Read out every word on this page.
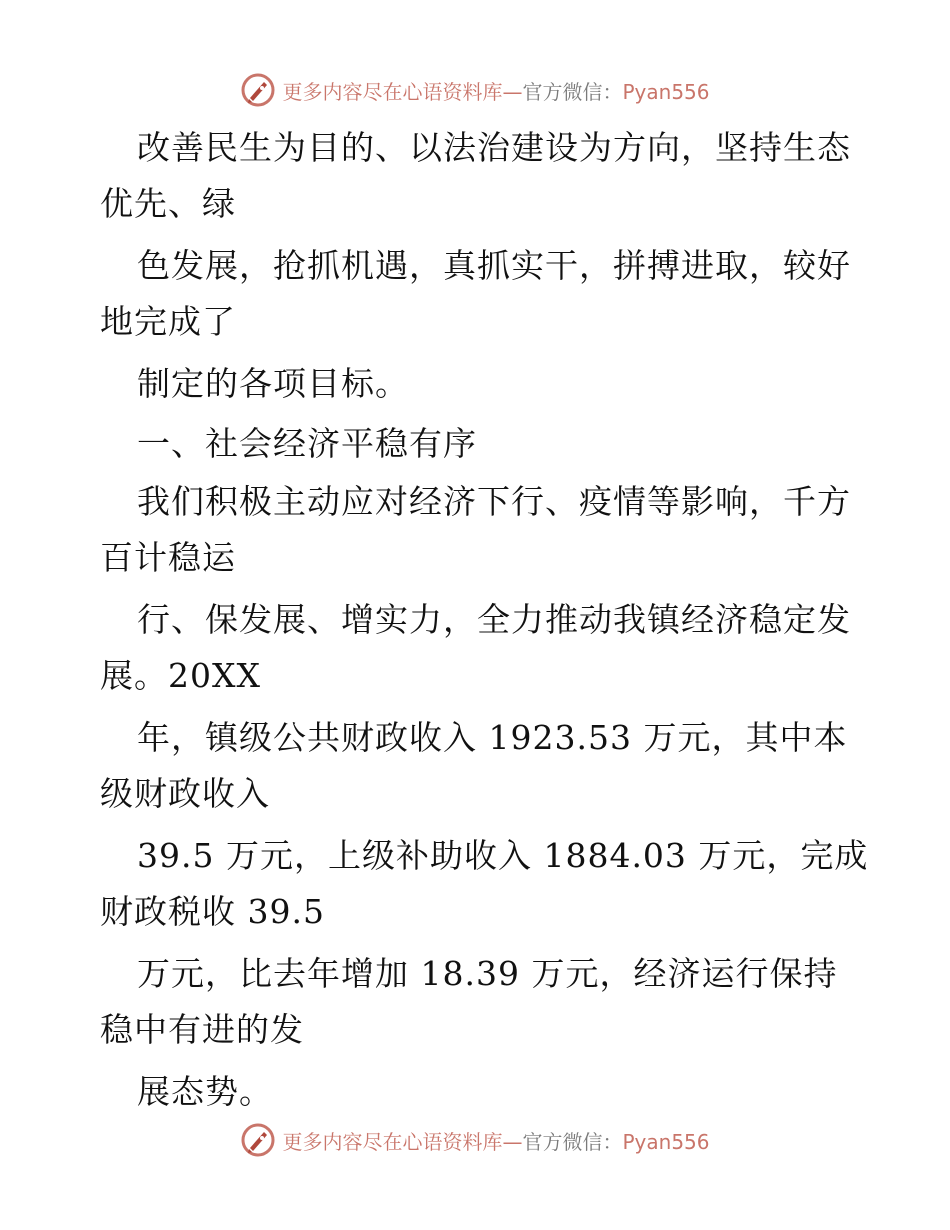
更多内容尽在心语资料库—官方微信：Pyan556
改善民生为目的、以法治建设为方向，坚持生态
优先、绿
色发展，抢抓机遇，真抓实干，拼搏进取，较好
地完成了
制定的各项目标。
一、社会经济平稳有序
我们积极主动应对经济下行、疫情等影响，千方
百计稳运
行、保发展、增实力，全力推动我镇经济稳定发
展。20XX
年，镇级公共财政收入 1923.53 万元，其中本
级财政收入
39.5 万元，上级补助收入 1884.03 万元，完成
财政税收 39.5
万元，比去年增加 18.39 万元，经济运行保持
稳中有进的发
展态势。
更多内容尽在心语资料库—官方微信：Pyan556
